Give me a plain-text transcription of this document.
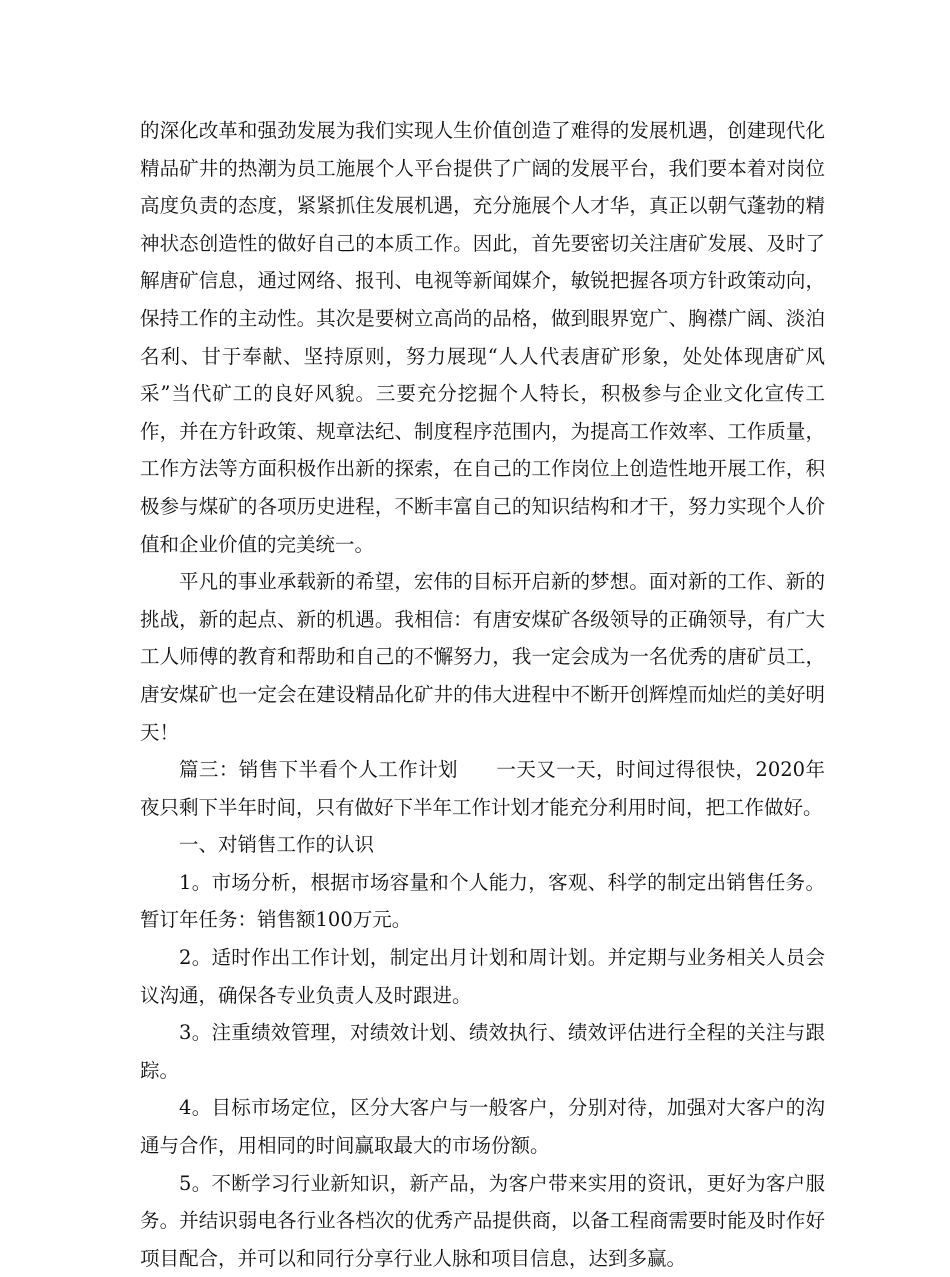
的深化改革和强劲发展为我们实现人生价值创造了难得的发展机遇，创建现代化精品矿井的热潮为员工施展个人平台提供了广阔的发展平台，我们要本着对岗位高度负责的态度，紧紧抓住发展机遇，充分施展个人才华，真正以朝气蓬勃的精神状态创造性的做好自己的本质工作。因此，首先要密切关注唐矿发展、及时了解唐矿信息，通过网络、报刊、电视等新闻媒介，敏锐把握各项方针政策动向，保持工作的主动性。其次是要树立高尚的品格，做到眼界宽广、胸襟广阔、淡泊名利、甘于奉献、坚持原则，努力展现“人人代表唐矿形象，处处体现唐矿风采”当代矿工的良好风貌。三要充分挖掘个人特长，积极参与企业文化宣传工作，并在方针政策、规章法纪、制度程序范围内，为提高工作效率、工作质量，工作方法等方面积极作出新的探索，在自己的工作岗位上创造性地开展工作，积极参与煤矿的各项历史进程，不断丰富自己的知识结构和才干，努力实现个人价值和企业价值的完美统一。

平凡的事业承载新的希望，宏伟的目标开启新的梦想。面对新的工作、新的挑战，新的起点、新的机遇。我相信：有唐安煤矿各级领导的正确领导，有广大工人师傅的教育和帮助和自己的不懈努力，我一定会成为一名优秀的唐矿员工，唐安煤矿也一定会在建设精品化矿井的伟大进程中不断开创辉煌而灿烂的美好明天！

篇三：销售下半看个人工作计划 一天又一天，时间过得很快，2020年夜只剩下半年时间，只有做好下半年工作计划才能充分利用时间，把工作做好。

一、对销售工作的认识

1。市场分析，根据市场容量和个人能力，客观、科学的制定出销售任务。暂订年任务：销售额100万元。

2。适时作出工作计划，制定出月计划和周计划。并定期与业务相关人员会议沟通，确保各专业负责人及时跟进。

3。注重绩效管理，对绩效计划、绩效执行、绩效评估进行全程的关注与跟踪。

4。目标市场定位，区分大客户与一般客户，分别对待，加强对大客户的沟通与合作，用相同的时间赢取最大的市场份额。

5。不断学习行业新知识，新产品，为客户带来实用的资讯，更好为客户服务。并结识弱电各行业各档次的优秀产品提供商，以备工程商需要时能及时作好项目配合，并可以和同行分享行业人脉和项目信息，达到多赢。
